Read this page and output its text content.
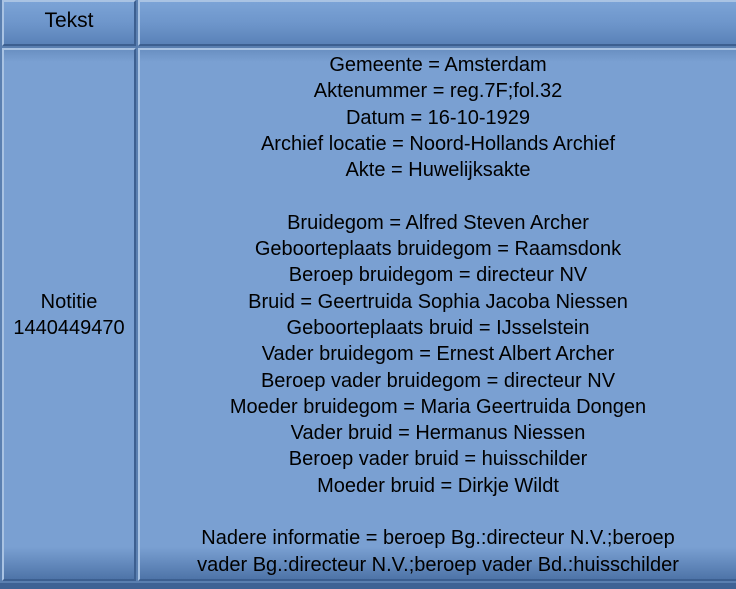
Tekst
Notitie
1440449470
Gemeente = Amsterdam
Aktenummer = reg.7F;fol.32
Datum = 16-10-1929
Archief locatie = Noord-Hollands Archief
Akte = Huwelijksakte
Bruidegom = Alfred Steven Archer
Geboorteplaats bruidegom = Raamsdonk
Beroep bruidegom = directeur NV
Bruid = Geertruida Sophia Jacoba Niessen
Geboorteplaats bruid = IJsselstein
Vader bruidegom = Ernest Albert Archer
Beroep vader bruidegom = directeur NV
Moeder bruidegom = Maria Geertruida Dongen
Vader bruid = Hermanus Niessen
Beroep vader bruid = huisschilder
Moeder bruid = Dirkje Wildt
Nadere informatie = beroep Bg.:directeur N.V.;beroep
vader Bg.:directeur N.V.;beroep vader Bd.:huisschilder
